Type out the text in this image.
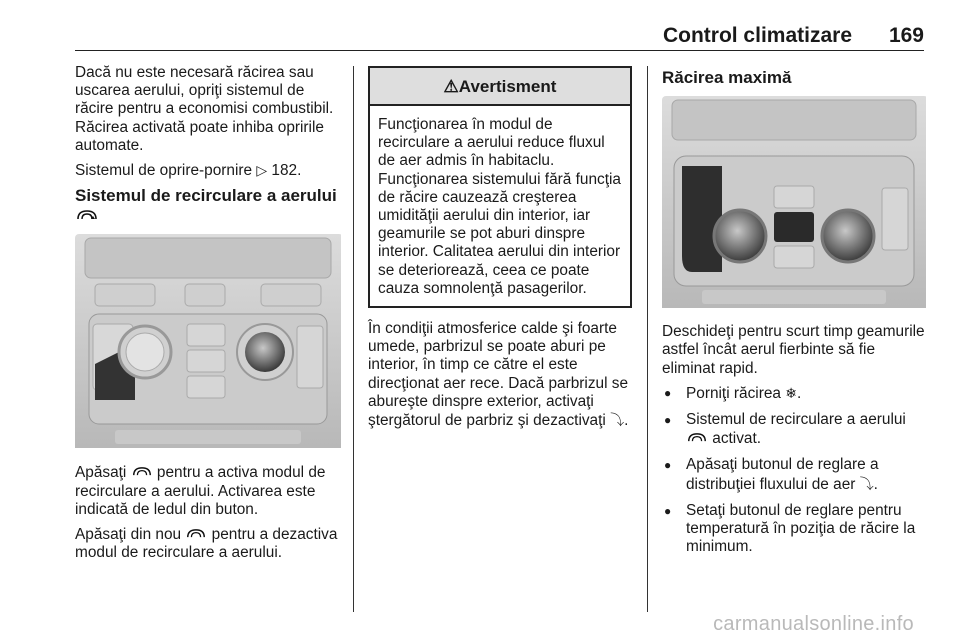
Control climatizare 169

Dacă nu este necesară răcirea sau uscarea aerului, opriţi sistemul de răcire pentru a economisi combustibil. Răcirea activată poate inhiba opririle automate.

Sistemul de oprire-pornire ▷ 182.

Sistemul de recirculare a aerului

Apăsaţi  pentru a activa modul de recirculare a aerului. Activarea este indicată de ledul din buton.

Apăsaţi din nou  pentru a dezactiva modul de recirculare a aerului.

⚠Avertisment
Funcţionarea în modul de recirculare a aerului reduce fluxul de aer admis în habitaclu. Funcţionarea sistemului fără funcţia de răcire cauzează creşterea umidităţii aerului din interior, iar geamurile se pot aburi dinspre interior. Calitatea aerului din interior se deteriorează, ceea ce poate cauza somnolenţă pasagerilor.

În condiţii atmosferice calde şi foarte umede, parbrizul se poate aburi pe interior, în timp ce către el este direcţionat aer rece. Dacă parbrizul se abureşte dinspre exterior, activaţi ştergătorul de parbriz şi dezactivaţi ⤵.

Răcirea maximă

Deschideţi pentru scurt timp geamurile astfel încât aerul fierbinte să fie eliminat rapid.

● Porniţi răcirea ❄.
● Sistemul de recirculare a aerului  activat.
● Apăsaţi butonul de reglare a distribuţiei fluxului de aer ⤵.
● Setaţi butonul de reglare pentru temperatură în poziţia de răcire la minimum.
carmanualsonline.info
